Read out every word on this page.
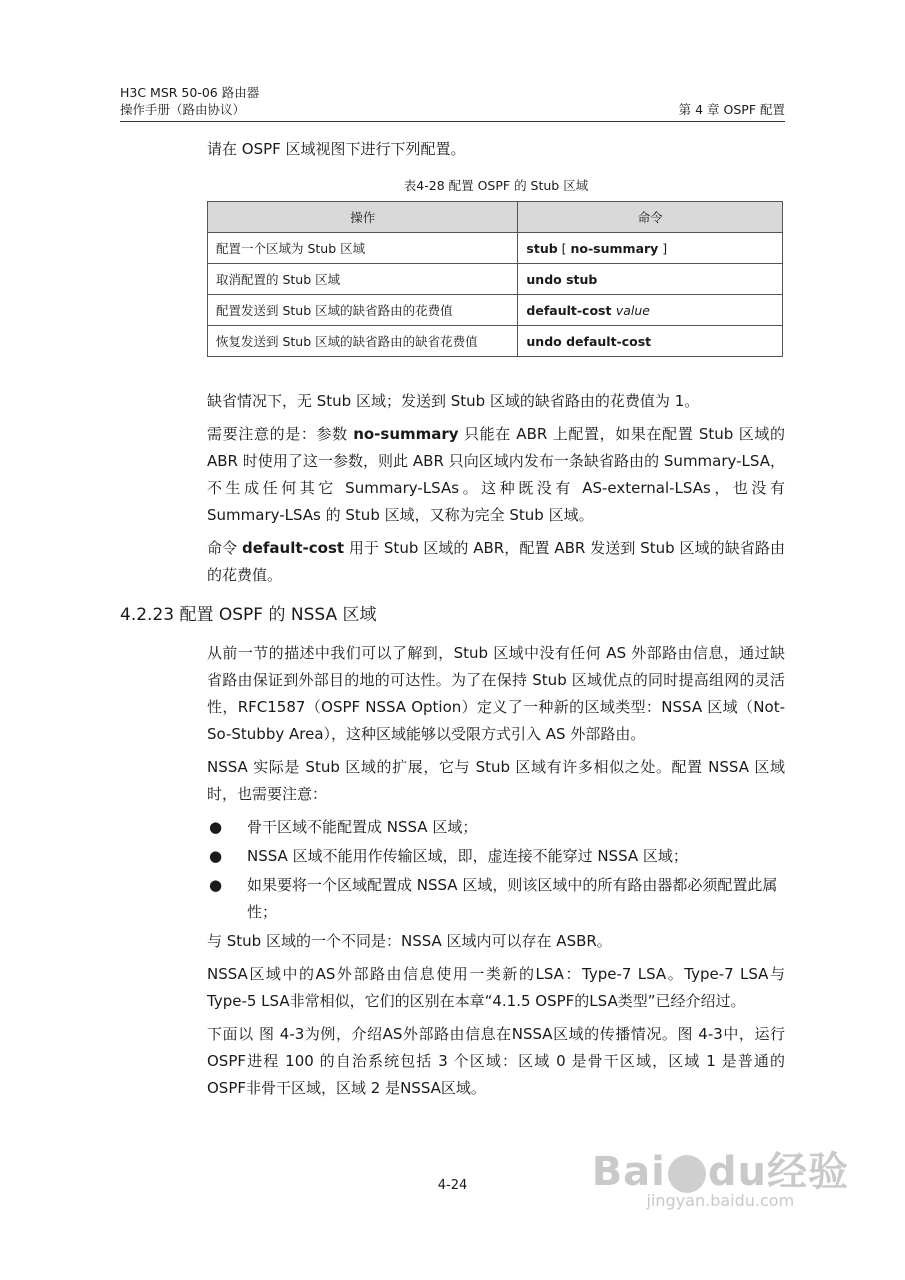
H3C MSR 50-06 路由器
操作手册（路由协议）	第 4 章 OSPF 配置
请在 OSPF 区域视图下进行下列配置。
表4-28 配置 OSPF 的 Stub 区域
操作	命令
配置一个区域为 Stub 区域	stub [ no-summary ]
取消配置的 Stub 区域	undo stub
配置发送到 Stub 区域的缺省路由的花费值	default-cost value
恢复发送到 Stub 区域的缺省路由的缺省花费值	undo default-cost

缺省情况下，无 Stub 区域；发送到 Stub 区域的缺省路由的花费值为 1。

需要注意的是：参数 no-summary 只能在 ABR 上配置，如果在配置 Stub 区域的 ABR 时使用了这一参数，则此 ABR 只向区域内发布一条缺省路由的 Summary-LSA，不生成任何其它 Summary-LSAs。这种既没有 AS-external-LSAs，也没有 Summary-LSAs 的 Stub 区域，又称为完全 Stub 区域。

命令 default-cost 用于 Stub 区域的 ABR，配置 ABR 发送到 Stub 区域的缺省路由的花费值。

4.2.23 配置 OSPF 的 NSSA 区域

从前一节的描述中我们可以了解到，Stub 区域中没有任何 AS 外部路由信息，通过缺省路由保证到外部目的地的可达性。为了在保持 Stub 区域优点的同时提高组网的灵活性，RFC1587（OSPF NSSA Option）定义了一种新的区域类型：NSSA 区域（Not-So-Stubby Area），这种区域能够以受限方式引入 AS 外部路由。

NSSA 实际是 Stub 区域的扩展，它与 Stub 区域有许多相似之处。配置 NSSA 区域时，也需要注意：

●	骨干区域不能配置成 NSSA 区域；
●	NSSA 区域不能用作传输区域，即，虚连接不能穿过 NSSA 区域；
●	如果要将一个区域配置成 NSSA 区域，则该区域中的所有路由器都必须配置此属性；

与 Stub 区域的一个不同是：NSSA 区域内可以存在 ASBR。

NSSA区域中的AS外部路由信息使用一类新的LSA：Type-7 LSA。Type-7 LSA与Type-5 LSA非常相似，它们的区别在本章“4.1.5 OSPF的LSA类型”已经介绍过。

下面以 图 4-3为例，介绍AS外部路由信息在NSSA区域的传播情况。图 4-3中，运行OSPF进程 100 的自治系统包括 3 个区域：区域 0 是骨干区域，区域 1 是普通的OSPF非骨干区域，区域 2 是NSSA区域。

4-24	Bai du经验
jingyan.baidu.com
